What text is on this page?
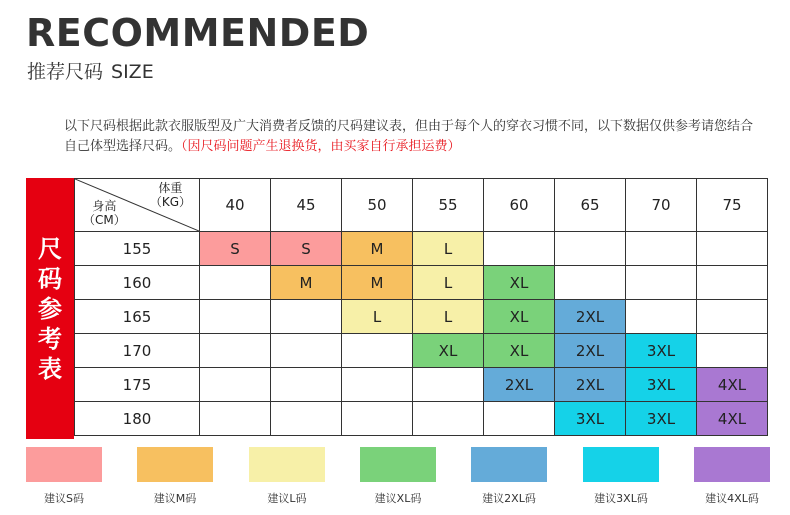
RECOMMENDED
推荐尺码 SIZE
以下尺码根据此款衣服版型及广大消费者反馈的尺码建议表，但由于每个人的穿衣习惯不同，以下数据仅供参考请您结合自己体型选择尺码。（因尺码问题产生退换货，由买家自行承担运费）
尺
码
参
考
表
体重
（KG）
身高
（CM）	40	45	50	55	60	65	70	75
155	S	S	M	L				
160		M	M	L	XL			
165			L	L	XL	2XL		
170				XL	XL	2XL	3XL	
175					2XL	2XL	3XL	4XL
180						3XL	3XL	4XL
建议S码	建议M码	建议L码	建议XL码	建议2XL码	建议3XL码	建议4XL码
